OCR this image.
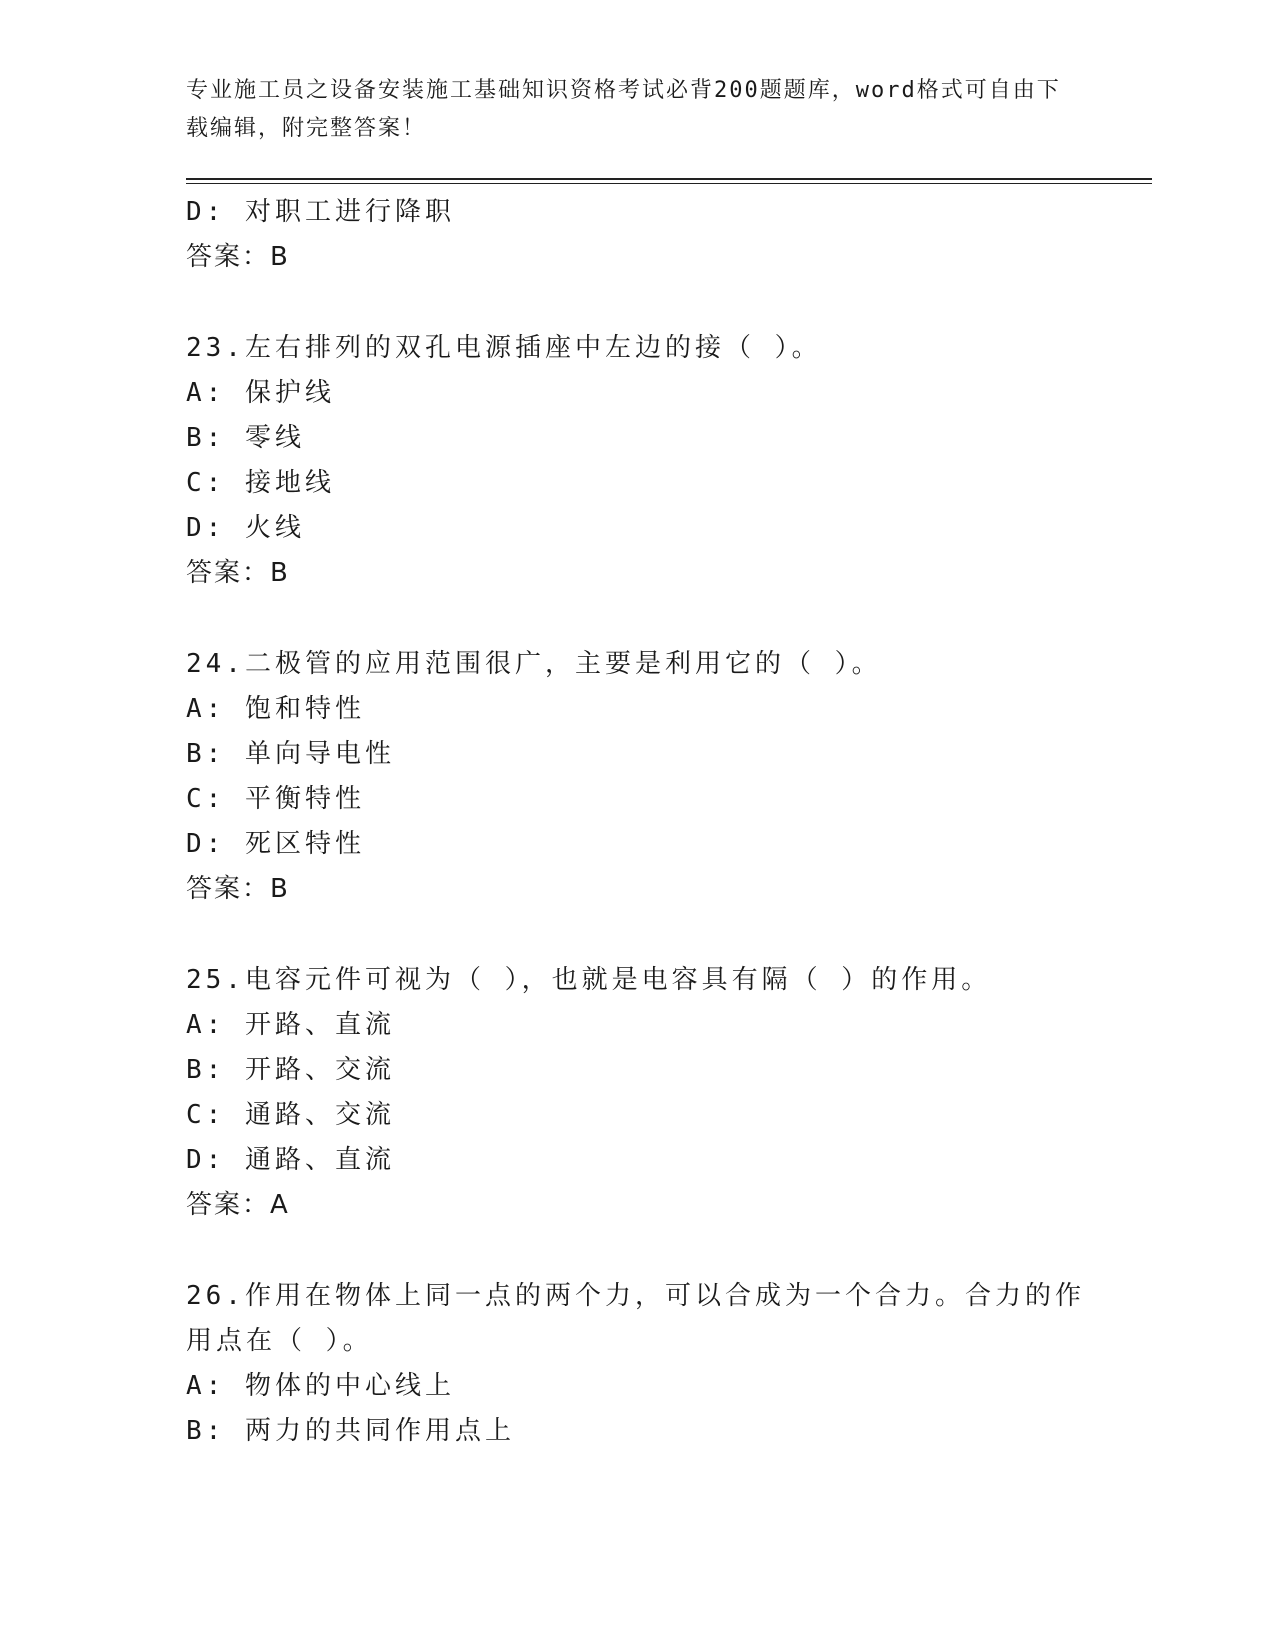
专业施工员之设备安装施工基础知识资格考试必背200题题库，word格式可自由下载编辑，附完整答案！
D: 对职工进行降职
答案：B
23.左右排列的双孔电源插座中左边的接（ ）。
A: 保护线
B: 零线
C: 接地线
D: 火线
答案：B
24.二极管的应用范围很广，主要是利用它的（ ）。
A: 饱和特性
B: 单向导电性
C: 平衡特性
D: 死区特性
答案：B
25.电容元件可视为（ ），也就是电容具有隔（ ）的作用。
A: 开路、直流
B: 开路、交流
C: 通路、交流
D: 通路、直流
答案：A
26.作用在物体上同一点的两个力，可以合成为一个合力。合力的作用点在（ ）。
A: 物体的中心线上
B: 两力的共同作用点上
